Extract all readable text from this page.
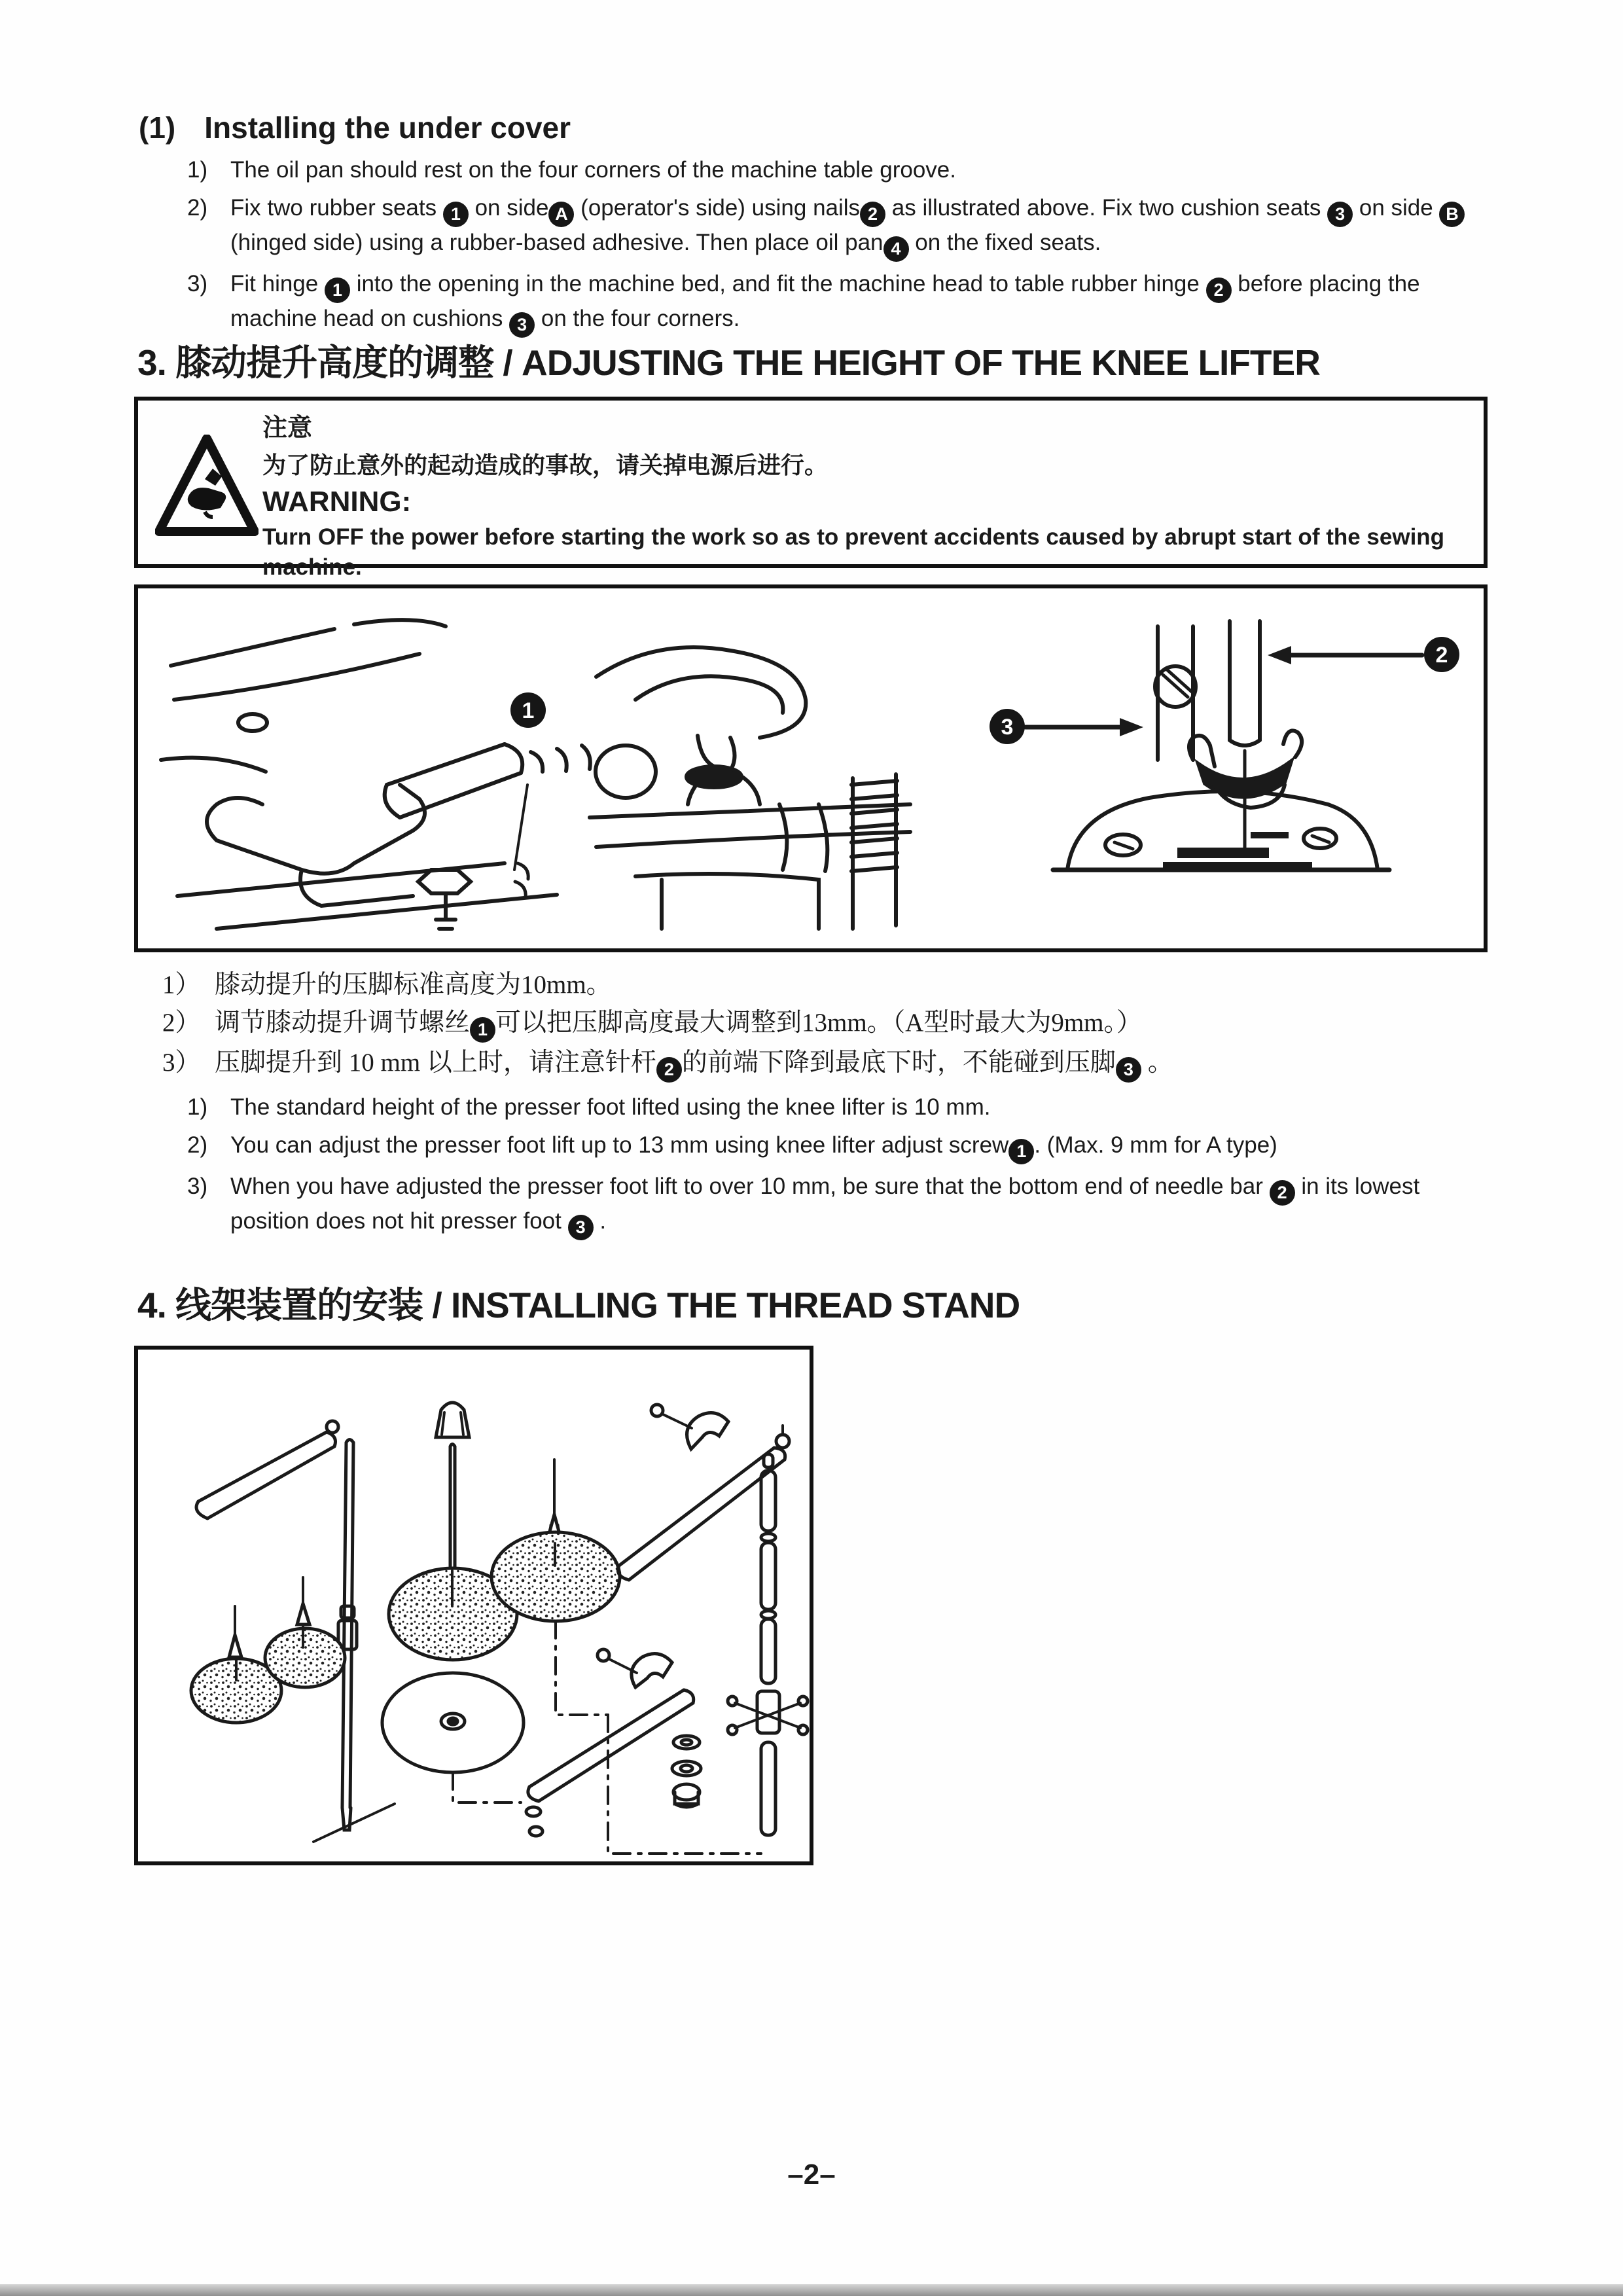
(1) Installing the under cover
1) The oil pan should rest on the four corners of the machine table groove.
2) Fix two rubber seats 1 on side A (operator's side) using nails 2 as illustrated above. Fix two cushion seats 3 on side B (hinged side) using a rubber-based adhesive. Then place oil pan 4 on the fixed seats.
3) Fit hinge 1 into the opening in the machine bed, and fit the machine head to table rubber hinge 2 before placing the machine head on cushions 3 on the four corners.
3. 膝动提升高度的调整 / ADJUSTING THE HEIGHT OF THE KNEE LIFTER
注意
为了防止意外的起动造成的事故，请关掉电源后进行。
WARNING:
Turn OFF the power before starting the work so as to prevent accidents caused by abrupt start of the sewing machine.
1
2
3
1） 膝动提升的压脚标准高度为10mm。
2） 调节膝动提升调节螺丝 1 可以把压脚高度最大调整到13mm。（A型时最大为9mm。）
3） 压脚提升到 10 mm 以上时，请注意针杆 2 的前端下降到最底下时，不能碰到压脚 3 。
1) The standard height of the presser foot lifted using the knee lifter is 10 mm.
2) You can adjust the presser foot lift up to 13 mm using knee lifter adjust screw 1 . (Max. 9 mm for A type)
3) When you have adjusted the presser foot lift to over 10 mm, be sure that the bottom end of needle bar 2 in its lowest position does not hit presser foot 3 .
4. 线架装置的安装 / INSTALLING THE THREAD STAND
–2–
